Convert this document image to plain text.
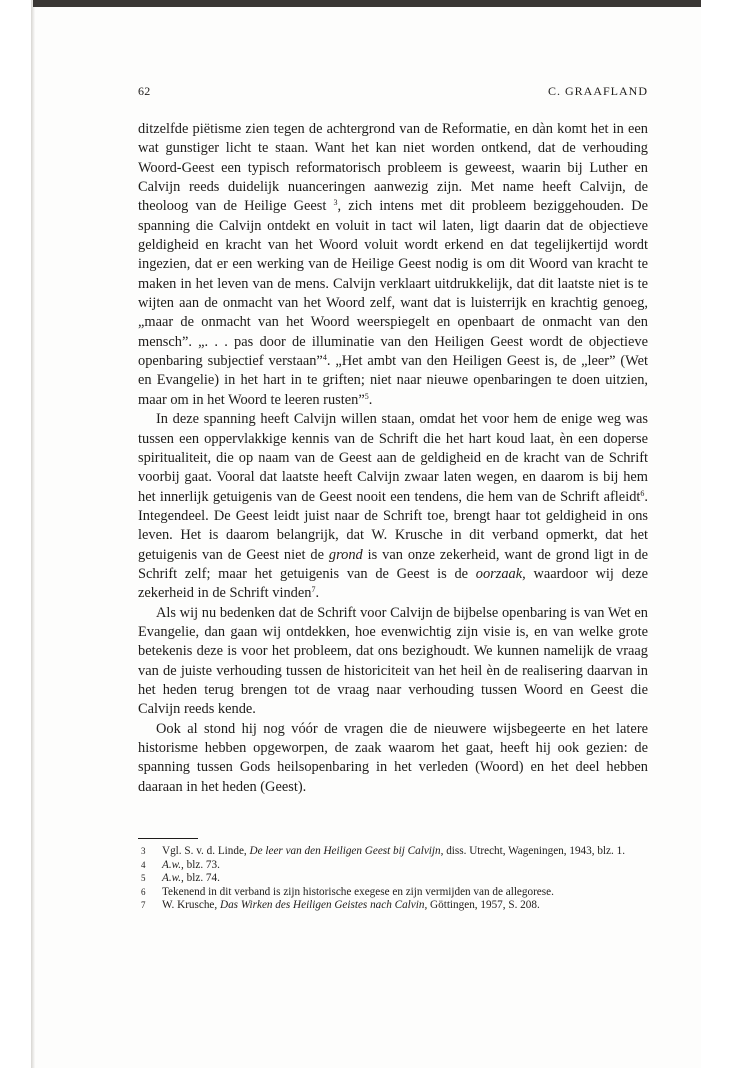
62	C. GRAAFLAND

ditzelfde piëtisme zien tegen de achtergrond van de Reformatie, en dàn komt het in een wat gunstiger licht te staan. Want het kan niet worden ontkend, dat de verhouding Woord-Geest een typisch reformatorisch probleem is geweest, waarin bij Luther en Calvijn reeds duidelijk nuanceringen aanwezig zijn. Met name heeft Calvijn, de theoloog van de Heilige Geest $^3$, zich intens met dit probleem beziggehouden. De spanning die Calvijn ontdekt en voluit in tact wil laten, ligt daarin dat de objectieve geldigheid en kracht van het Woord voluit wordt erkend en dat tegelijkertijd wordt ingezien, dat er een werking van de Heilige Geest nodig is om dit Woord van kracht te maken in het leven van de mens. Calvijn verklaart uitdrukkelijk, dat dit laatste niet is te wijten aan de onmacht van het Woord zelf, want dat is luisterrijk en krachtig genoeg, „maar de onmacht van het Woord weerspiegelt en openbaart de onmacht van den mensch”. „. . . pas door de illuminatie van den Heiligen Geest wordt de objectieve openbaring subjectief verstaan”$^4$. „Het ambt van den Heiligen Geest is, de „leer” (Wet en Evangelie) in het hart in te griften; niet naar nieuwe openbaringen te doen uitzien, maar om in het Woord te leeren rusten”$^5$.

In deze spanning heeft Calvijn willen staan, omdat het voor hem de enige weg was tussen een oppervlakkige kennis van de Schrift die het hart koud laat, èn een doperse spiritualiteit, die op naam van de Geest aan de geldigheid en de kracht van de Schrift voorbij gaat. Vooral dat laatste heeft Calvijn zwaar laten wegen, en daarom is bij hem het innerlijk getuigenis van de Geest nooit een tendens, die hem van de Schrift afleidt$^6$. Integendeel. De Geest leidt juist naar de Schrift toe, brengt haar tot geldigheid in ons leven. Het is daarom belangrijk, dat W. Krusche in dit verband opmerkt, dat het getuigenis van de Geest niet de grond is van onze zekerheid, want de grond ligt in de Schrift zelf; maar het getuigenis van de Geest is de oorzaak, waardoor wij deze zekerheid in de Schrift vinden$^7$.

Als wij nu bedenken dat de Schrift voor Calvijn de bijbelse openbaring is van Wet en Evangelie, dan gaan wij ontdekken, hoe evenwichtig zijn visie is, en van welke grote betekenis deze is voor het probleem, dat ons bezighoudt. We kunnen namelijk de vraag van de juiste verhouding tussen de historiciteit van het heil èn de realisering daarvan in het heden terug brengen tot de vraag naar verhouding tussen Woord en Geest die Calvijn reeds kende.

Ook al stond hij nog vóór de vragen die de nieuwere wijsbegeerte en het latere historisme hebben opgeworpen, de zaak waarom het gaat, heeft hij ook gezien: de spanning tussen Gods heilsopenbaring in het verleden (Woord) en het deel hebben daaraan in het heden (Geest).

3 Vgl. S. v. d. Linde, De leer van den Heiligen Geest bij Calvijn, diss. Utrecht, Wageningen, 1943, blz. 1.
4 A.w., blz. 73.
5 A.w., blz. 74.
6 Tekenend in dit verband is zijn historische exegese en zijn vermijden van de allegorese.
7 W. Krusche, Das Wirken des Heiligen Geistes nach Calvin, Göttingen, 1957, S. 208.
